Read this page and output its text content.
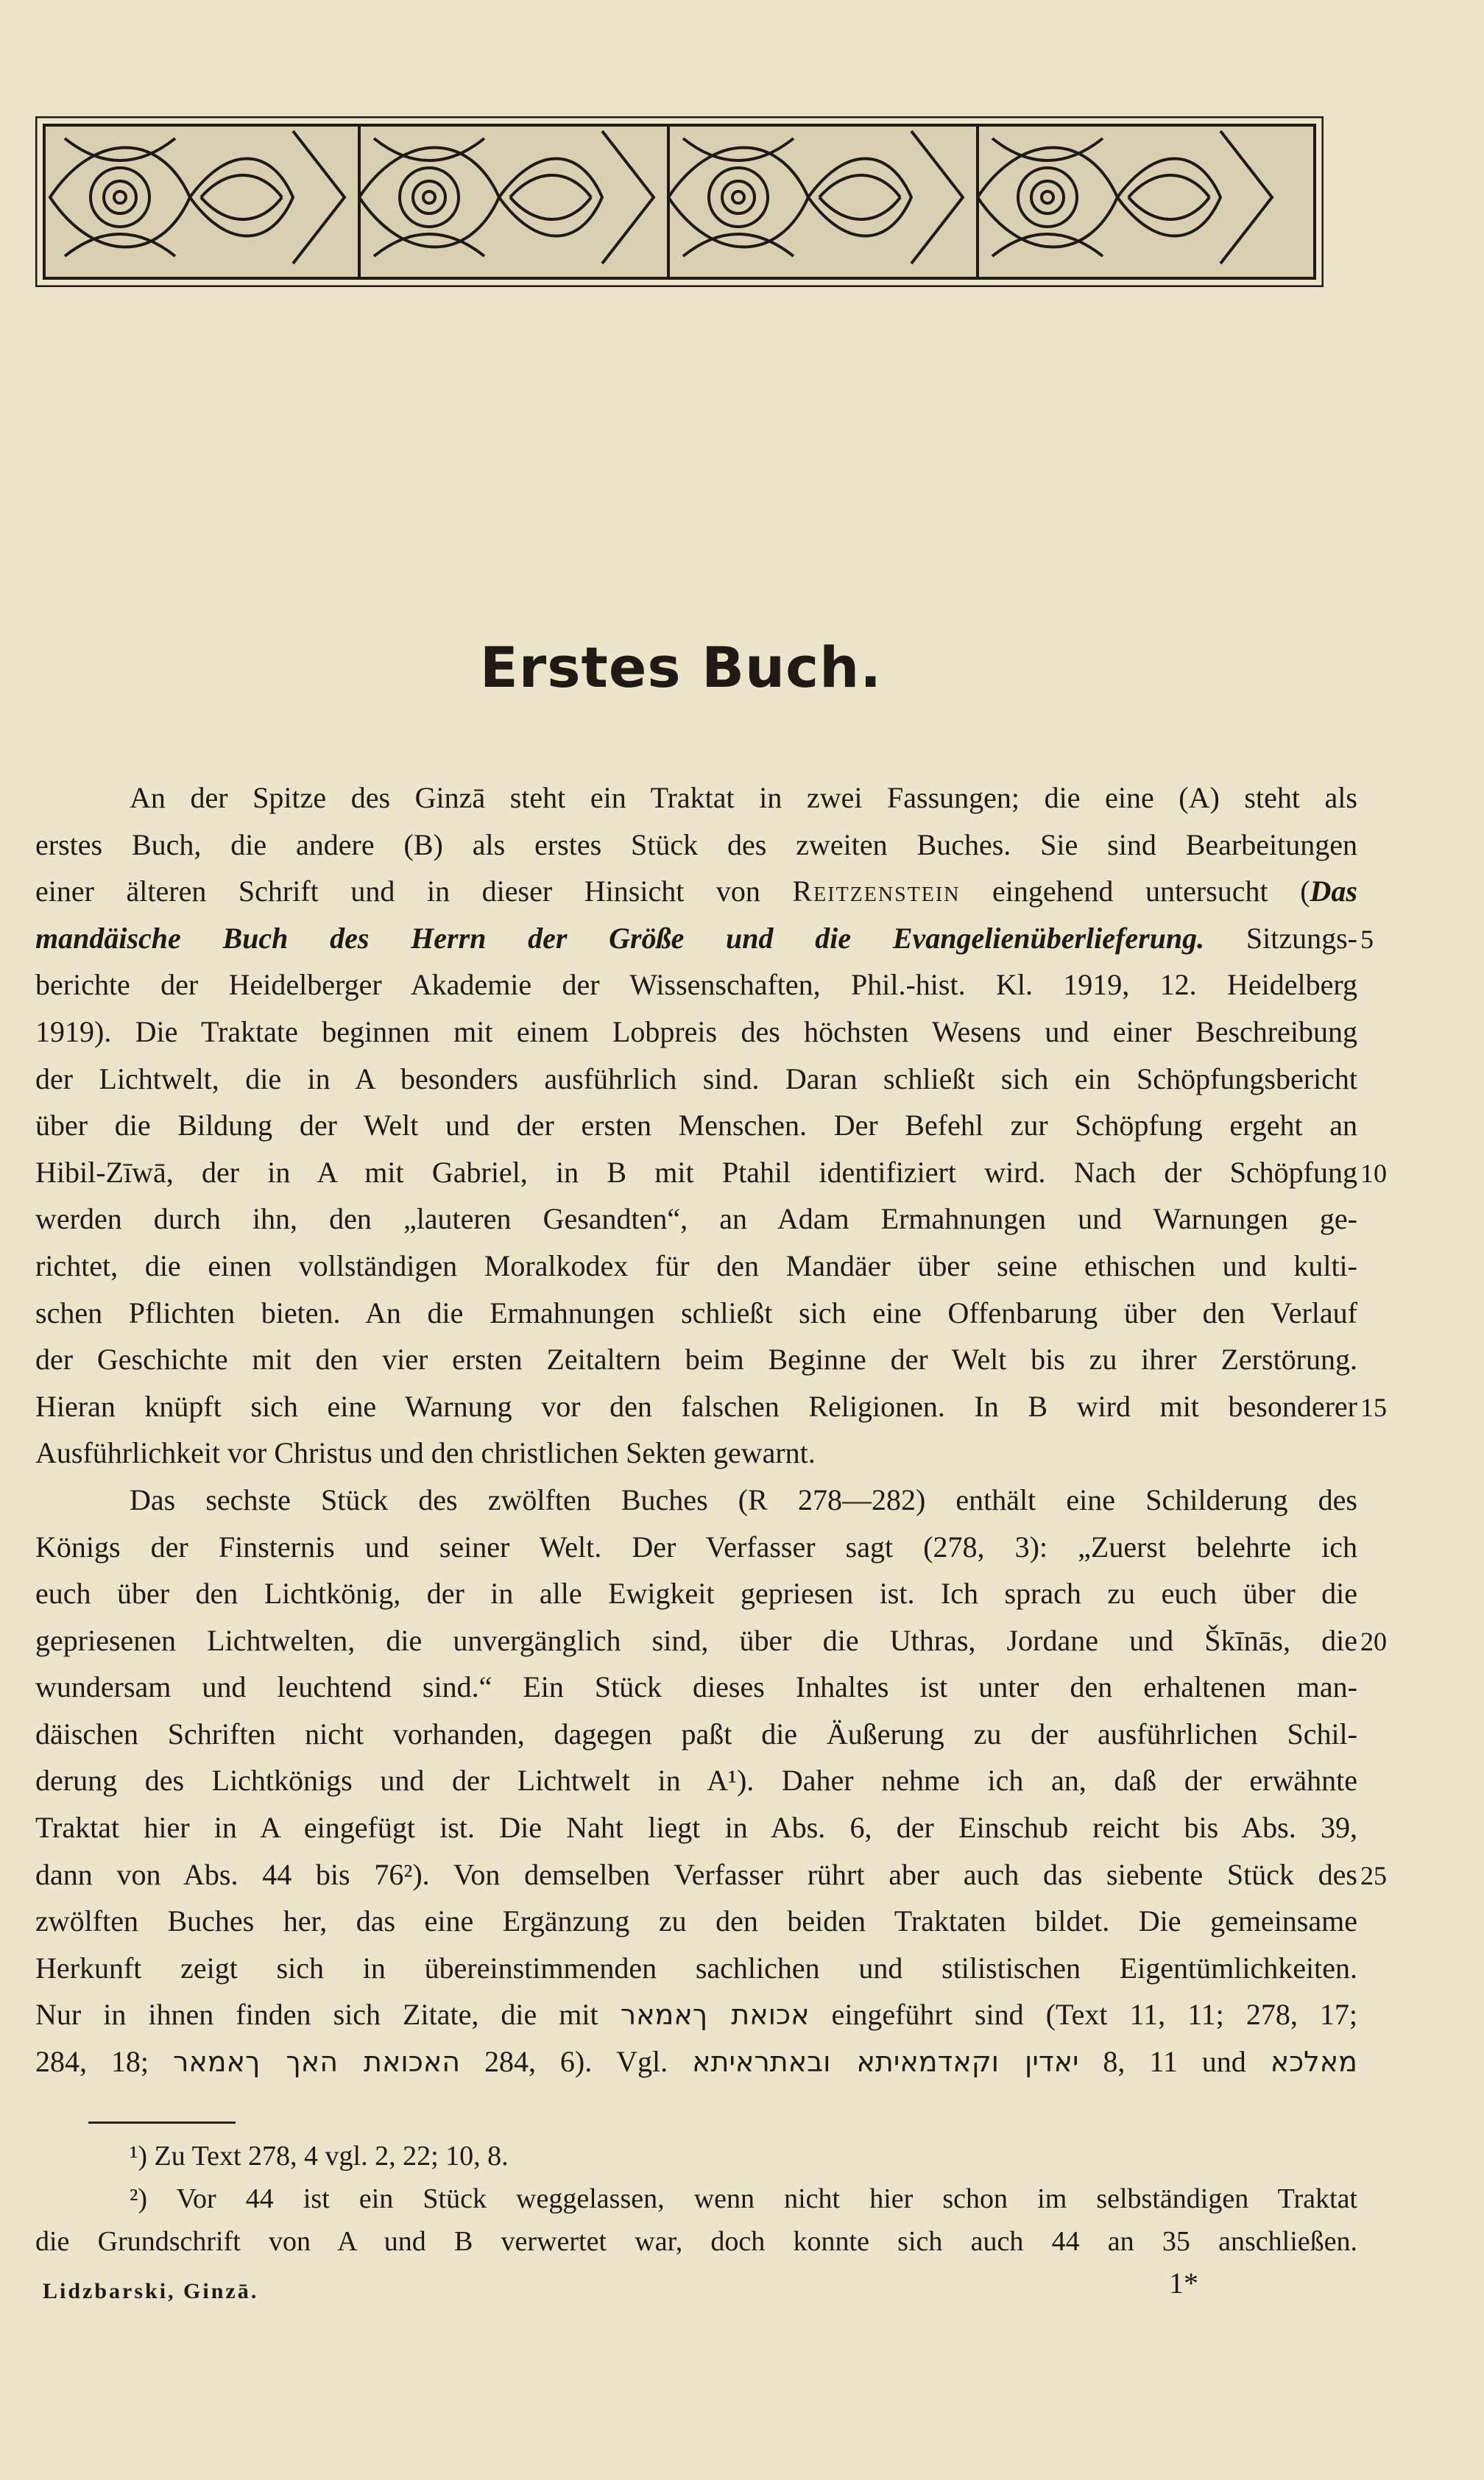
Erstes Buch.
An der Spitze des Ginzā steht ein Traktat in zwei Fassungen; die eine (A) steht als
erstes Buch, die andere (B) als erstes Stück des zweiten Buches. Sie sind Bearbeitungen
einer älteren Schrift und in dieser Hinsicht von Reitzenstein eingehend untersucht (Das
mandäische Buch des Herrn der Größe und die Evangelienüberlieferung. Sitzungs- 5
berichte der Heidelberger Akademie der Wissenschaften, Phil.-hist. Kl. 1919, 12. Heidelberg
1919). Die Traktate beginnen mit einem Lobpreis des höchsten Wesens und einer Beschreibung
der Lichtwelt, die in A besonders ausführlich sind. Daran schließt sich ein Schöpfungsbericht
über die Bildung der Welt und der ersten Menschen. Der Befehl zur Schöpfung ergeht an
Hibil-Zīwā, der in A mit Gabriel, in B mit Ptahil identifiziert wird. Nach der Schöpfung 10
werden durch ihn, den „lauteren Gesandten“, an Adam Ermahnungen und Warnungen ge-
richtet, die einen vollständigen Moralkodex für den Mandäer über seine ethischen und kulti-
schen Pflichten bieten. An die Ermahnungen schließt sich eine Offenbarung über den Verlauf
der Geschichte mit den vier ersten Zeitaltern beim Beginne der Welt bis zu ihrer Zerstörung.
Hieran knüpft sich eine Warnung vor den falschen Religionen. In B wird mit besonderer 15
Ausführlichkeit vor Christus und den christlichen Sekten gewarnt.
Das sechste Stück des zwölften Buches (R 278—282) enthält eine Schilderung des
Königs der Finsternis und seiner Welt. Der Verfasser sagt (278, 3): „Zuerst belehrte ich
euch über den Lichtkönig, der in alle Ewigkeit gepriesen ist. Ich sprach zu euch über die
gepriesenen Lichtwelten, die unvergänglich sind, über die Uthras, Jordane und Škīnās, die 20
wundersam und leuchtend sind.“ Ein Stück dieses Inhaltes ist unter den erhaltenen man-
däischen Schriften nicht vorhanden, dagegen paßt die Äußerung zu der ausführlichen Schil-
derung des Lichtkönigs und der Lichtwelt in A¹). Daher nehme ich an, daß der erwähnte
Traktat hier in A eingefügt ist. Die Naht liegt in Abs. 6, der Einschub reicht bis Abs. 39,
dann von Abs. 44 bis 76²). Von demselben Verfasser rührt aber auch das siebente Stück des 25
zwölften Buches her, das eine Ergänzung zu den beiden Traktaten bildet. Die gemeinsame
Herkunft zeigt sich in übereinstimmenden sachlichen und stilistischen Eigentümlichkeiten.
Nur in ihnen finden sich Zitate, die mit אכואת ךאמאר eingeführt sind (Text 11, 11; 278, 17;
284, 18; האכואת האך ךאמאר 284, 6). Vgl. יאדין וקאדמאיתא ובאתראיתא 8, 11 und מאלכא
¹) Zu Text 278, 4 vgl. 2, 22; 10, 8.
²) Vor 44 ist ein Stück weggelassen, wenn nicht hier schon im selbständigen Traktat
die Grundschrift von A und B verwertet war, doch konnte sich auch 44 an 35 anschließen.
Lidzbarski, Ginzā.	1*
